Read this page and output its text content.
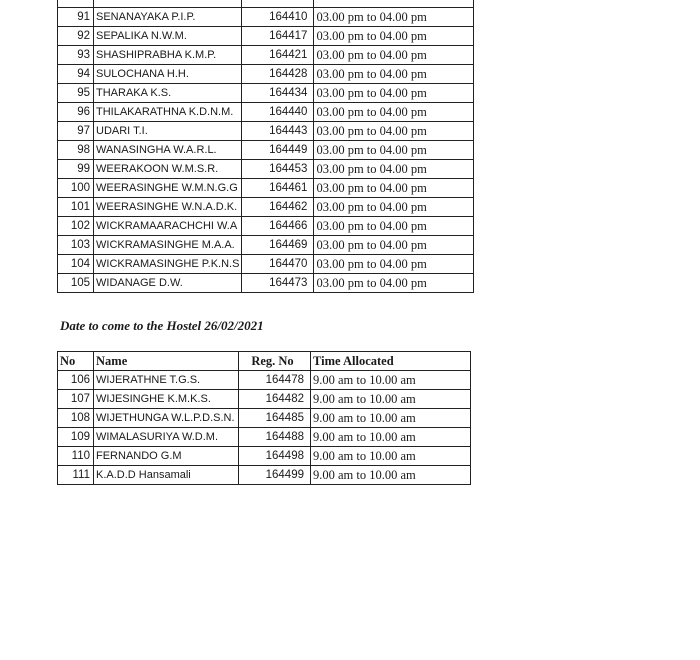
91	SENANAYAKA P.I.P.	164410	03.00 pm to 04.00 pm
92	SEPALIKA N.W.M.	164417	03.00 pm to 04.00 pm
93	SHASHIPRABHA K.M.P.	164421	03.00 pm to 04.00 pm
94	SULOCHANA H.H.	164428	03.00 pm to 04.00 pm
95	THARAKA K.S.	164434	03.00 pm to 04.00 pm
96	THILAKARATHNA K.D.N.M.	164440	03.00 pm to 04.00 pm
97	UDARI T.I.	164443	03.00 pm to 04.00 pm
98	WANASINGHA W.A.R.L.	164449	03.00 pm to 04.00 pm
99	WEERAKOON W.M.S.R.	164453	03.00 pm to 04.00 pm
100	WEERASINGHE W.M.N.G.G	164461	03.00 pm to 04.00 pm
101	WEERASINGHE W.N.A.D.K.	164462	03.00 pm to 04.00 pm
102	WICKRAMAARACHCHI W.A	164466	03.00 pm to 04.00 pm
103	WICKRAMASINGHE M.A.A.	164469	03.00 pm to 04.00 pm
104	WICKRAMASINGHE P.K.N.S	164470	03.00 pm to 04.00 pm
105	WIDANAGE D.W.	164473	03.00 pm to 04.00 pm
Date to come to the Hostel 26/02/2021
No	Name	Reg. No	Time Allocated
106	WIJERATHNE T.G.S.	164478	9.00 am to 10.00 am
107	WIJESINGHE K.M.K.S.	164482	9.00 am to 10.00 am
108	WIJETHUNGA W.L.P.D.S.N.	164485	9.00 am to 10.00 am
109	WIMALASURIYA W.D.M.	164488	9.00 am to 10.00 am
110	FERNANDO G.M	164498	9.00 am to 10.00 am
111	K.A.D.D Hansamali	164499	9.00 am to 10.00 am
